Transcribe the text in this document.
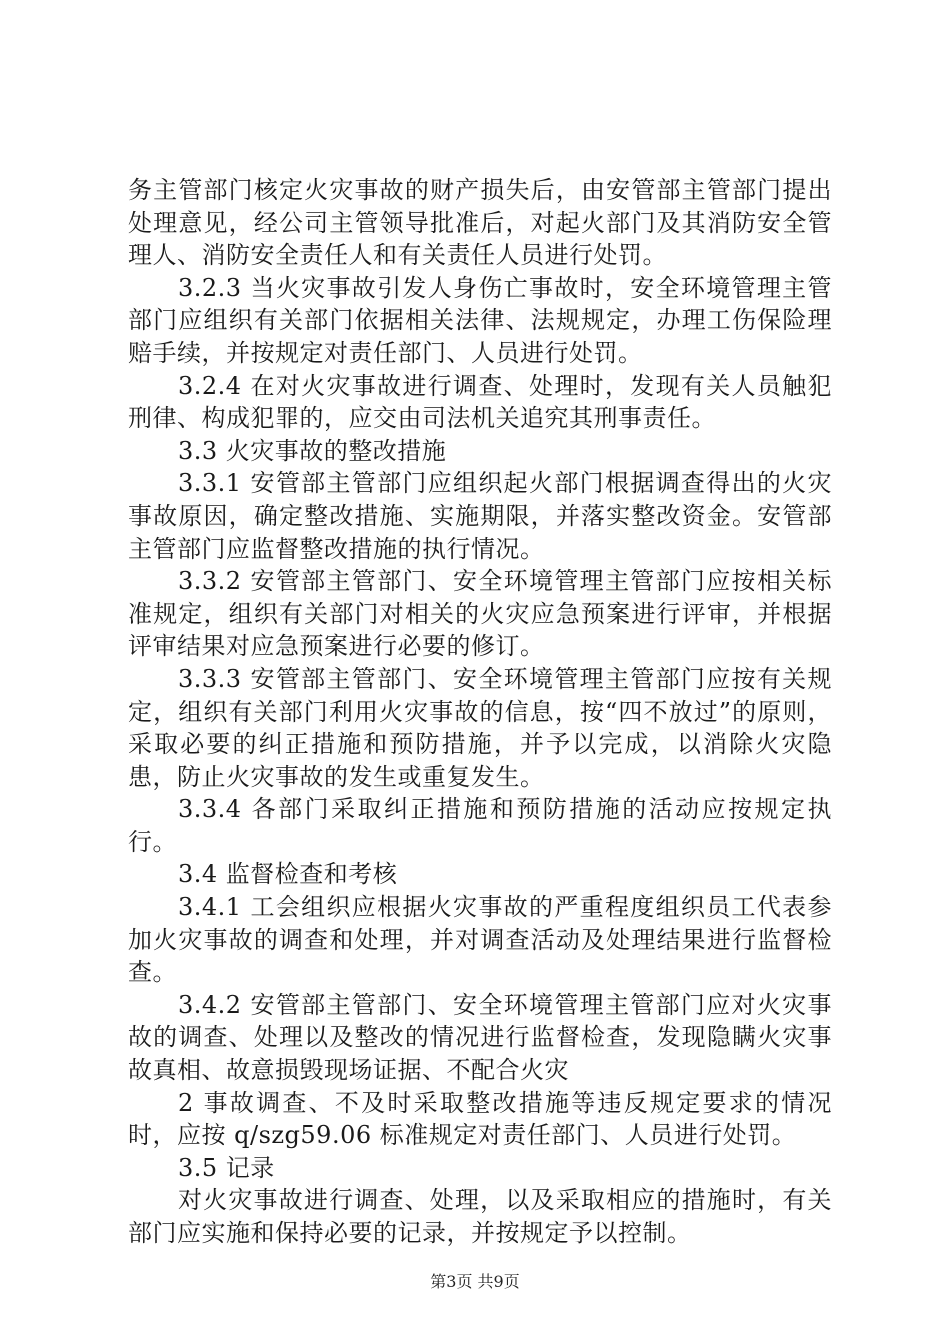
务主管部门核定火灾事故的财产损失后，由安管部主管部门提出处理意见，经公司主管领导批准后，对起火部门及其消防安全管理人、消防安全责任人和有关责任人员进行处罚。

3.2.3 当火灾事故引发人身伤亡事故时，安全环境管理主管部门应组织有关部门依据相关法律、法规规定，办理工伤保险理赔手续，并按规定对责任部门、人员进行处罚。

3.2.4 在对火灾事故进行调查、处理时，发现有关人员触犯刑律、构成犯罪的，应交由司法机关追究其刑事责任。

3.3 火灾事故的整改措施

3.3.1 安管部主管部门应组织起火部门根据调查得出的火灾事故原因，确定整改措施、实施期限，并落实整改资金。安管部主管部门应监督整改措施的执行情况。

3.3.2 安管部主管部门、安全环境管理主管部门应按相关标准规定，组织有关部门对相关的火灾应急预案进行评审，并根据评审结果对应急预案进行必要的修订。

3.3.3 安管部主管部门、安全环境管理主管部门应按有关规定，组织有关部门利用火灾事故的信息，按“四不放过”的原则，采取必要的纠正措施和预防措施，并予以完成，以消除火灾隐患，防止火灾事故的发生或重复发生。

3.3.4 各部门采取纠正措施和预防措施的活动应按规定执行。

3.4 监督检查和考核

3.4.1 工会组织应根据火灾事故的严重程度组织员工代表参加火灾事故的调查和处理，并对调查活动及处理结果进行监督检查。

3.4.2 安管部主管部门、安全环境管理主管部门应对火灾事故的调查、处理以及整改的情况进行监督检查，发现隐瞒火灾事故真相、故意损毁现场证据、不配合火灾

2 事故调查、不及时采取整改措施等违反规定要求的情况时，应按 q/szg59.06 标准规定对责任部门、人员进行处罚。

3.5 记录

对火灾事故进行调查、处理，以及采取相应的措施时，有关部门应实施和保持必要的记录，并按规定予以控制。

第3页 共9页
